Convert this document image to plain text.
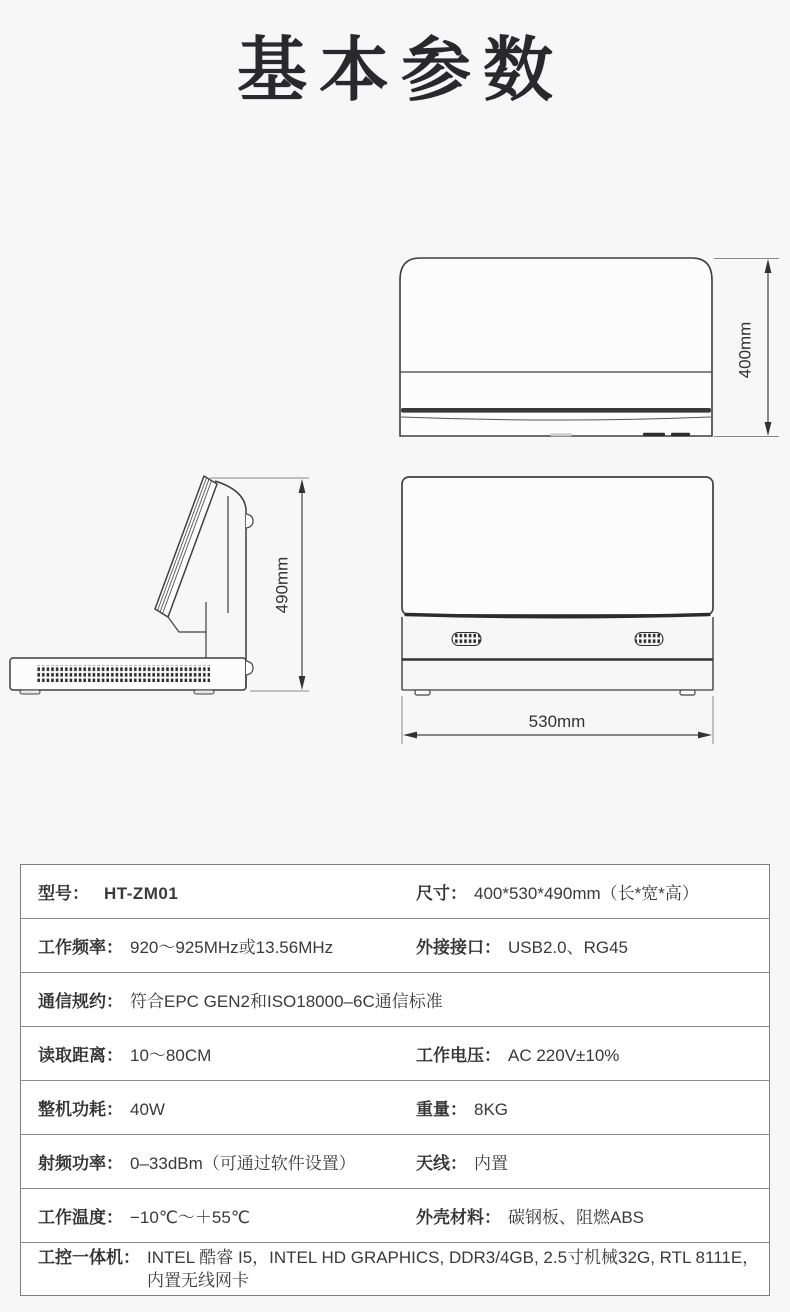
基本参数
400mm
490mm
530mm
型号： HT-ZM01	尺寸： 400*530*490mm（长*宽*高）
工作频率： 920～925MHz或13.56MHz	外接接口： USB2.0、RG45
通信规约： 符合EPC GEN2和ISO18000–6C通信标准
读取距离： 10～80CM	工作电压： AC 220V±10%
整机功耗： 40W	重量： 8KG
射频功率： 0–33dBm（可通过软件设置）	天线： 内置
工作温度： −10℃～＋55℃	外壳材料： 碳钢板、阻燃ABS
工控一体机： INTEL 酷睿 I5，INTEL HD GRAPHICS, DDR3/4GB, 2.5寸机械32G, RTL 8111E，内置无线网卡
